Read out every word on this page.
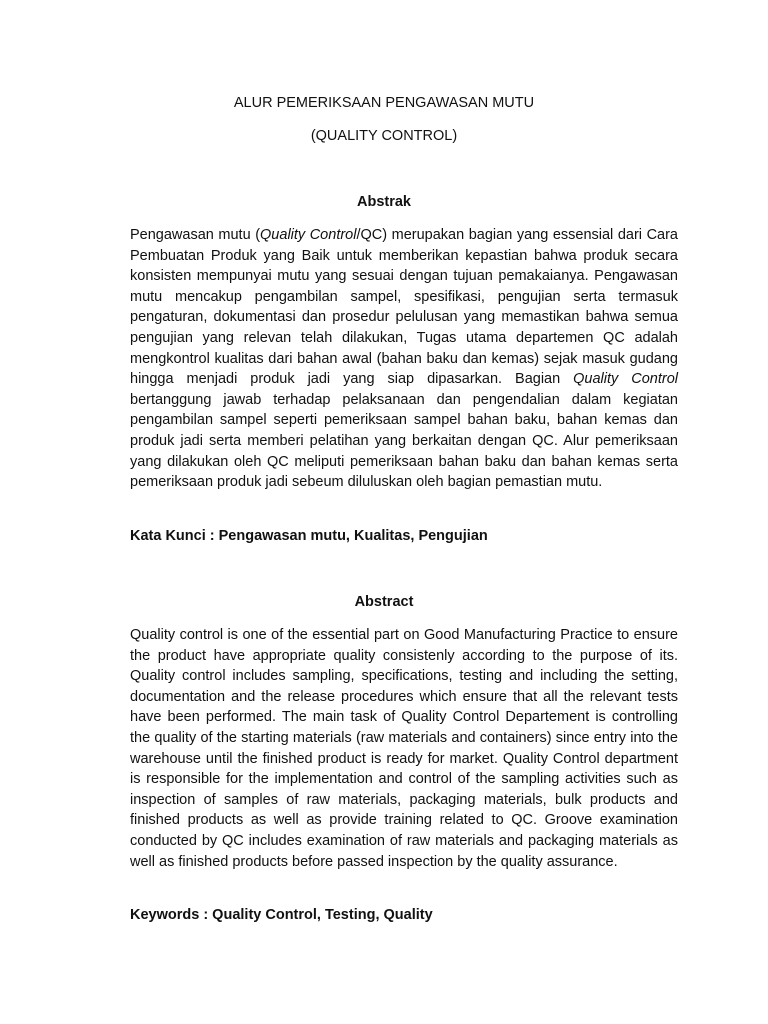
ALUR PEMERIKSAAN PENGAWASAN MUTU

(QUALITY CONTROL)

Abstrak

Pengawasan mutu (Quality Control/QC) merupakan bagian yang essensial dari Cara Pembuatan Produk yang Baik untuk memberikan kepastian bahwa produk secara konsisten mempunyai mutu yang sesuai dengan tujuan pemakaianya. Pengawasan mutu mencakup pengambilan sampel, spesifikasi, pengujian serta termasuk pengaturan, dokumentasi dan prosedur pelulusan yang memastikan bahwa semua pengujian yang relevan telah dilakukan, Tugas utama departemen QC adalah mengkontrol kualitas dari bahan awal (bahan baku dan kemas) sejak masuk gudang hingga menjadi produk jadi yang siap dipasarkan. Bagian Quality Control bertanggung jawab terhadap pelaksanaan dan pengendalian dalam kegiatan pengambilan sampel seperti pemeriksaan sampel bahan baku, bahan kemas dan produk jadi serta memberi pelatihan yang berkaitan dengan QC. Alur pemeriksaan yang dilakukan oleh QC meliputi pemeriksaan bahan baku dan bahan kemas serta pemeriksaan produk jadi sebeum diluluskan oleh bagian pemastian mutu.

Kata Kunci : Pengawasan mutu, Kualitas, Pengujian

Abstract

Quality control is one of the essential part on Good Manufacturing Practice to ensure the product have appropriate quality consistenly according to the purpose of its. Quality control includes sampling, specifications, testing and including the setting, documentation and the release procedures which ensure that all the relevant tests have been performed. The main task of Quality Control Departement is controlling the quality of the starting materials (raw materials and containers) since entry into the warehouse until the finished product is ready for market. Quality Control department is responsible for the implementation and control of the sampling activities such as inspection of samples of raw materials, packaging materials, bulk products and finished products as well as provide training related to QC. Groove examination conducted by QC includes examination of raw materials and packaging materials as well as finished products before passed inspection by the quality assurance.

Keywords : Quality Control, Testing, Quality
